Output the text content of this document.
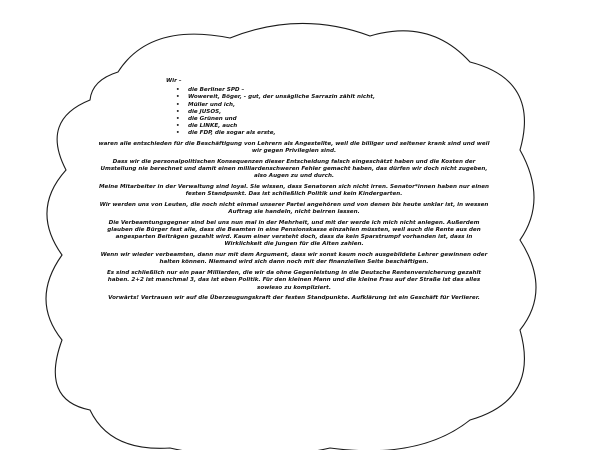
Wir –
• die Berliner SPD –
• Wowereit, Böger, - gut, der unsägliche Sarrazin zählt nicht,
• Müller und ich,
• die JUSOS,
• die Grünen und
• die LINKE, auch
• die FDP, die sogar als erste,

waren alle entschieden für die Beschäftigung von Lehrern als Angestellte, weil die billiger und seltener krank sind und weil wir gegen Privilegien sind.

Dass wir die personalpolitischen Konsequenzen dieser Entscheidung falsch eingeschätzt haben und die Kosten der Umstellung nie berechnet und damit einen milliardenschweren Fehler gemacht haben, das dürfen wir doch nicht zugeben, also Augen zu und durch.

Meine Mitarbeiter in der Verwaltung sind loyal. Sie wissen, dass Senatoren sich nicht irren. Senator*innen haben nur einen festen Standpunkt. Das ist schließlich Politik und kein Kindergarten.

Wir werden uns von Leuten, die noch nicht einmal unserer Partei angehören und von denen bis heute unklar ist, in wessen Auftrag sie handeln, nicht beirren lassen.

Die Verbeamtungsgegner sind bei uns nun mal in der Mehrheit, und mit der werde ich mich nicht anlegen. Außerdem glauben die Bürger fast alle, dass die Beamten in eine Pensionskasse einzahlen müssten, weil auch die Rente aus den angesparten Beiträgen gezahlt wird. Kaum einer versteht doch, dass da kein Sparstrumpf vorhanden ist, dass in Wirklichkeit die Jungen für die Alten zahlen.

Wenn wir wieder verbeamten, dann nur mit dem Argument, dass wir sonst kaum noch ausgebildete Lehrer gewinnen oder halten können. Niemand wird sich dann noch mit der finanziellen Seite beschäftigen.

Es sind schließlich nur ein paar Milliarden, die wir da ohne Gegenleistung in die Deutsche Rentenversicherung gezahlt haben. 2+2 ist manchmal 3, das ist eben Politik. Für den kleinen Mann und die kleine Frau auf der Straße ist das alles sowieso zu kompliziert.

Vorwärts! Vertrauen wir auf die Überzeugungskraft der festen Standpunkte. Aufklärung ist ein Geschäft für Verlierer.
